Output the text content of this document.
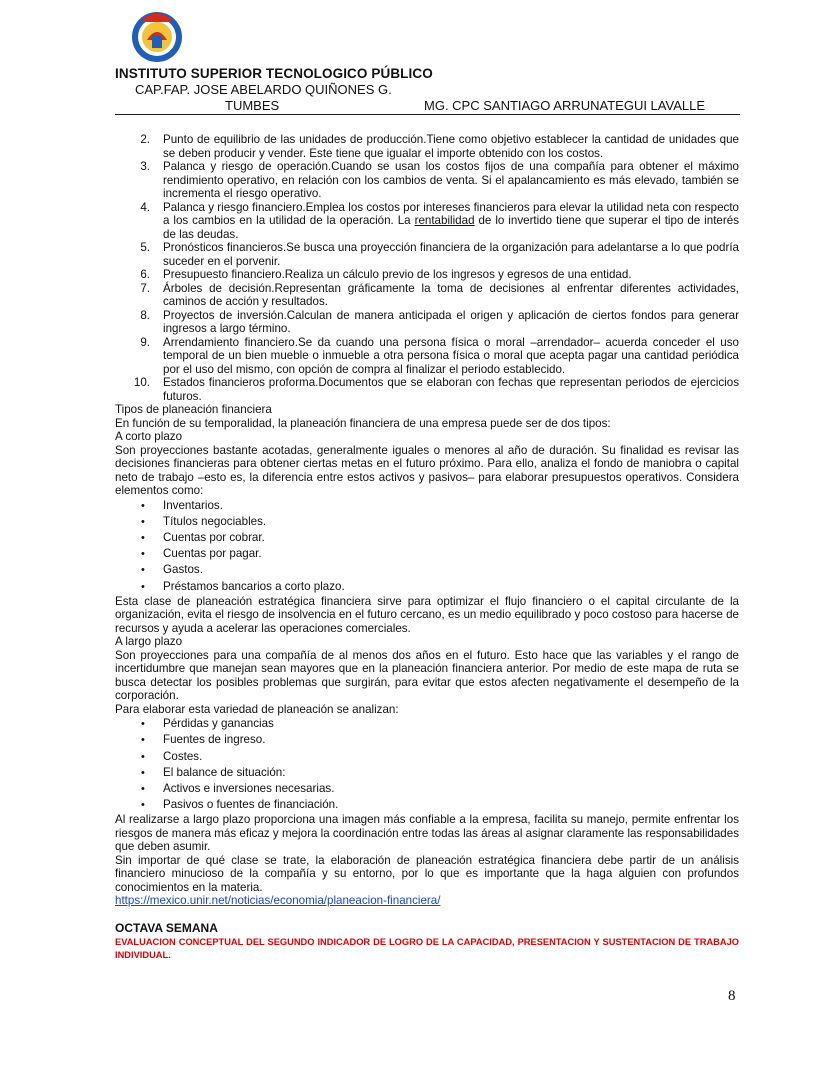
INSTITUTO SUPERIOR TECNOLOGICO PÚBLICO
CAP.FAP. JOSE ABELARDO QUIÑONES G.
TUMBES	MG. CPC SANTIAGO ARRUNATEGUI LAVALLE
2. Punto de equilibrio de las unidades de producción.Tiene como objetivo establecer la cantidad de unidades que se deben producir y vender. Este tiene que igualar el importe obtenido con los costos.
3. Palanca y riesgo de operación.Cuando se usan los costos fijos de una compañía para obtener el máximo rendimiento operativo, en relación con los cambios de venta. Si el apalancamiento es más elevado, también se incrementa el riesgo operativo.
4. Palanca y riesgo financiero.Emplea los costos por intereses financieros para elevar la utilidad neta con respecto a los cambios en la utilidad de la operación. La rentabilidad de lo invertido tiene que superar el tipo de interés de las deudas.
5. Pronósticos financieros.Se busca una proyección financiera de la organización para adelantarse a lo que podría suceder en el porvenir.
6. Presupuesto financiero.Realiza un cálculo previo de los ingresos y egresos de una entidad.
7. Árboles de decisión.Representan gráficamente la toma de decisiones al enfrentar diferentes actividades, caminos de acción y resultados.
8. Proyectos de inversión.Calculan de manera anticipada el origen y aplicación de ciertos fondos para generar ingresos a largo término.
9. Arrendamiento financiero.Se da cuando una persona física o moral –arrendador– acuerda conceder el uso temporal de un bien mueble o inmueble a otra persona física o moral que acepta pagar una cantidad periódica por el uso del mismo, con opción de compra al finalizar el periodo establecido.
10. Estados financieros proforma.Documentos que se elaboran con fechas que representan periodos de ejercicios futuros.

Tipos de planeación financiera

En función de su temporalidad, la planeación financiera de una empresa puede ser de dos tipos:

A corto plazo

Son proyecciones bastante acotadas, generalmente iguales o menores al año de duración. Su finalidad es revisar las decisiones financieras para obtener ciertas metas en el futuro próximo. Para ello, analiza el fondo de maniobra o capital neto de trabajo –esto es, la diferencia entre estos activos y pasivos– para elaborar presupuestos operativos. Considera elementos como:

• Inventarios.
• Títulos negociables.
• Cuentas por cobrar.
• Cuentas por pagar.
• Gastos.
• Préstamos bancarios a corto plazo.

Esta clase de planeación estratégica financiera sirve para optimizar el flujo financiero o el capital circulante de la organización, evita el riesgo de insolvencia en el futuro cercano, es un medio equilibrado y poco costoso para hacerse de recursos y ayuda a acelerar las operaciones comerciales.

A largo plazo

Son proyecciones para una compañía de al menos dos años en el futuro. Esto hace que las variables y el rango de incertidumbre que manejan sean mayores que en la planeación financiera anterior. Por medio de este mapa de ruta se busca detectar los posibles problemas que surgirán, para evitar que estos afecten negativamente el desempeño de la corporación.

Para elaborar esta variedad de planeación se analizan:

• Pérdidas y ganancias
• Fuentes de ingreso.
• Costes.
• El balance de situación:
• Activos e inversiones necesarias.
• Pasivos o fuentes de financiación.

Al realizarse a largo plazo proporciona una imagen más confiable a la empresa, facilita su manejo, permite enfrentar los riesgos de manera más eficaz y mejora la coordinación entre todas las áreas al asignar claramente las responsabilidades que deben asumir.

Sin importar de qué clase se trate, la elaboración de planeación estratégica financiera debe partir de un análisis financiero minucioso de la compañía y su entorno, por lo que es importante que la haga alguien con profundos conocimientos en la materia.

https://mexico.unir.net/noticias/economia/planeacion-financiera/

OCTAVA SEMANA

EVALUACION CONCEPTUAL DEL SEGUNDO INDICADOR DE LOGRO DE LA CAPACIDAD, PRESENTACION Y SUSTENTACION DE TRABAJO INDIVIDUAL.

8
